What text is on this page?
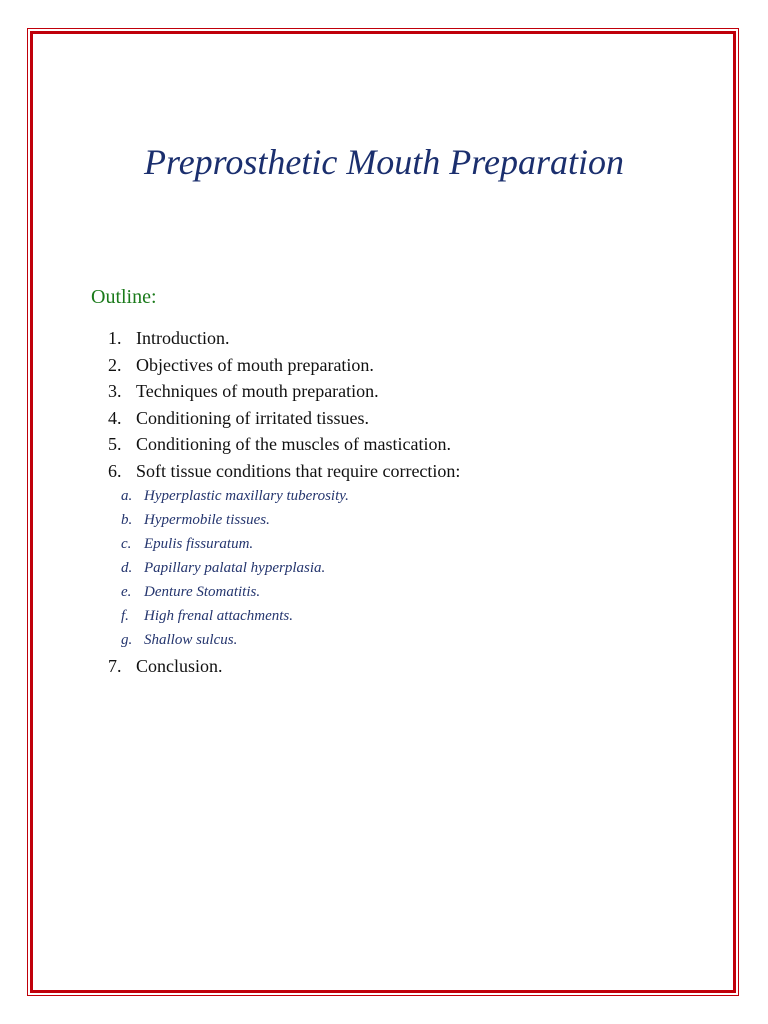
Preprosthetic Mouth Preparation
Outline:
1. Introduction.
2. Objectives of mouth preparation.
3. Techniques of mouth preparation.
4. Conditioning of irritated tissues.
5. Conditioning of the muscles of mastication.
6. Soft tissue conditions that require correction:
a. Hyperplastic maxillary tuberosity.
b. Hypermobile tissues.
c. Epulis fissuratum.
d. Papillary palatal hyperplasia.
e. Denture Stomatitis.
f. High frenal attachments.
g. Shallow sulcus.
7. Conclusion.
